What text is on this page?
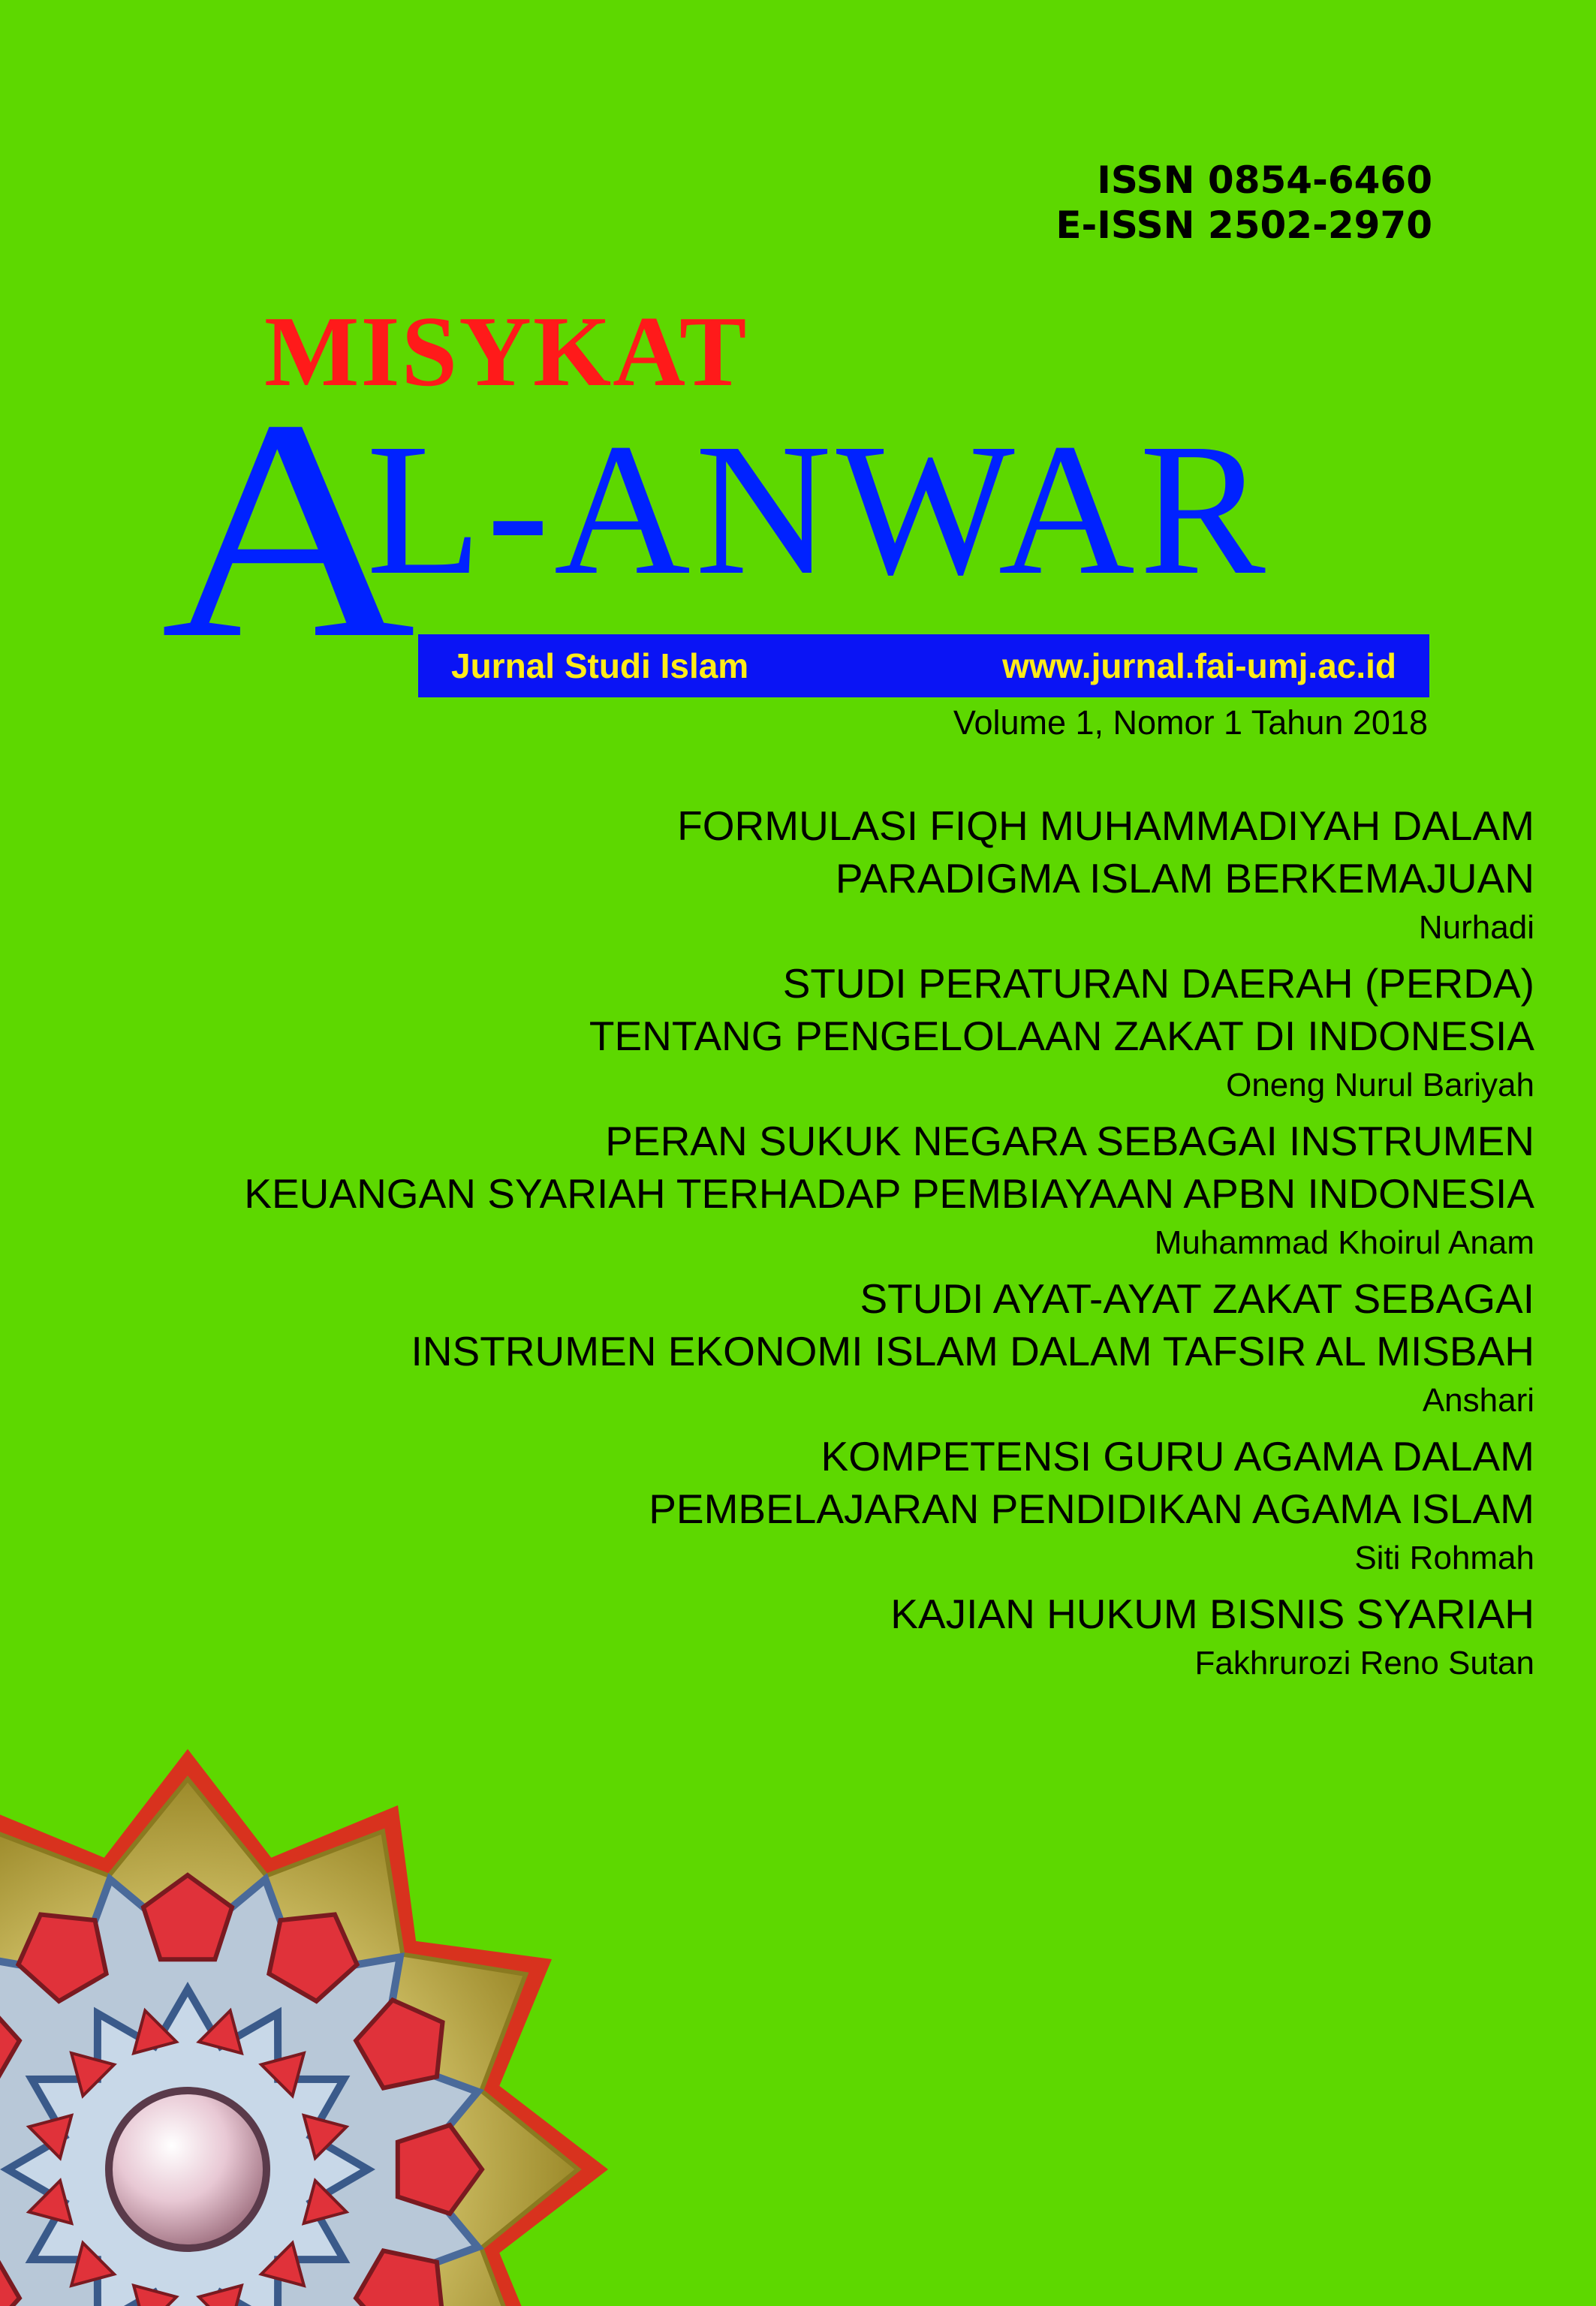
ISSN 0854-6460
E-ISSN 2502-2970
MISYKAT
A
L-ANWAR
Jurnal Studi Islam	www.jurnal.fai-umj.ac.id
Volume 1, Nomor 1 Tahun 2018
FORMULASI FIQH MUHAMMADIYAH DALAM
PARADIGMA ISLAM BERKEMAJUAN
Nurhadi
STUDI PERATURAN DAERAH (PERDA)
TENTANG PENGELOLAAN ZAKAT DI INDONESIA
Oneng Nurul Bariyah
PERAN SUKUK NEGARA SEBAGAI INSTRUMEN
KEUANGAN SYARIAH TERHADAP PEMBIAYAAN APBN INDONESIA
Muhammad Khoirul Anam
STUDI AYAT-AYAT ZAKAT SEBAGAI
INSTRUMEN EKONOMI ISLAM DALAM TAFSIR AL MISBAH
Anshari
KOMPETENSI GURU AGAMA DALAM
PEMBELAJARAN PENDIDIKAN AGAMA ISLAM
Siti Rohmah
KAJIAN HUKUM BISNIS SYARIAH
Fakhrurozi Reno Sutan
